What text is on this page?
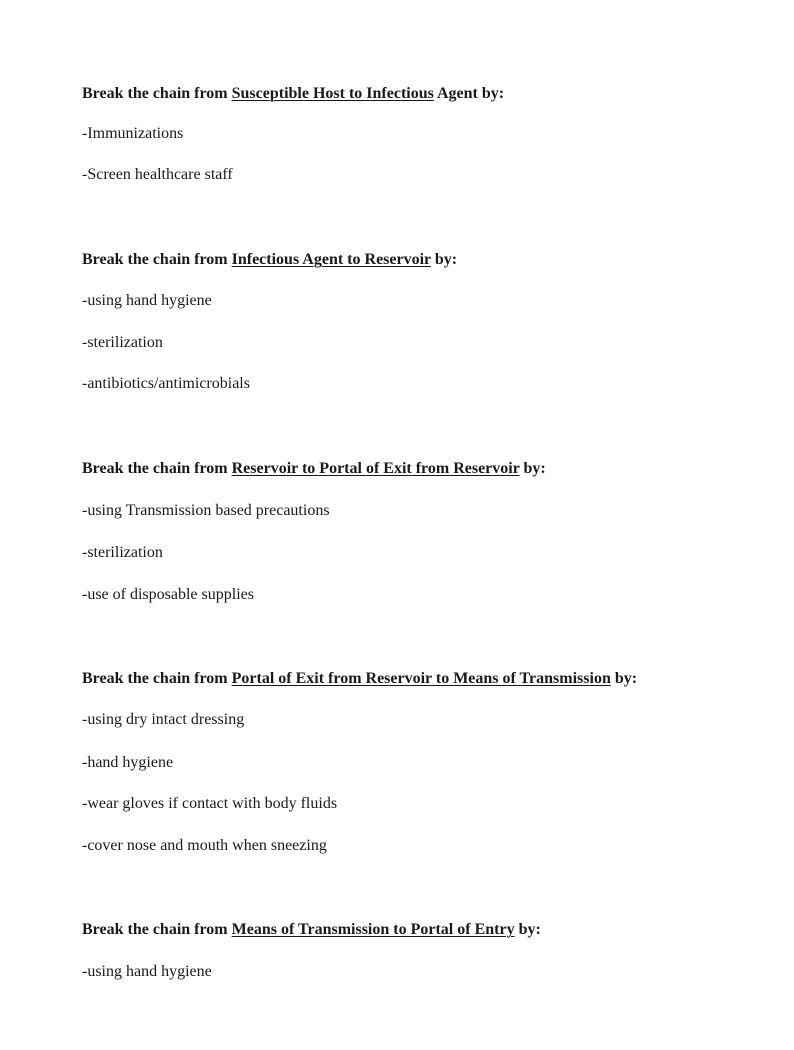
Break the chain from Susceptible Host to Infectious Agent by:
-Immunizations
-Screen healthcare staff
Break the chain from Infectious Agent to Reservoir by:
-using hand hygiene
-sterilization
-antibiotics/antimicrobials
Break the chain from Reservoir to Portal of Exit from Reservoir by:
-using Transmission based precautions
-sterilization
-use of disposable supplies
Break the chain from Portal of Exit from Reservoir to Means of Transmission by:
-using dry intact dressing
-hand hygiene
-wear gloves if contact with body fluids
-cover nose and mouth when sneezing
Break the chain from Means of Transmission to Portal of Entry by:
-using hand hygiene
